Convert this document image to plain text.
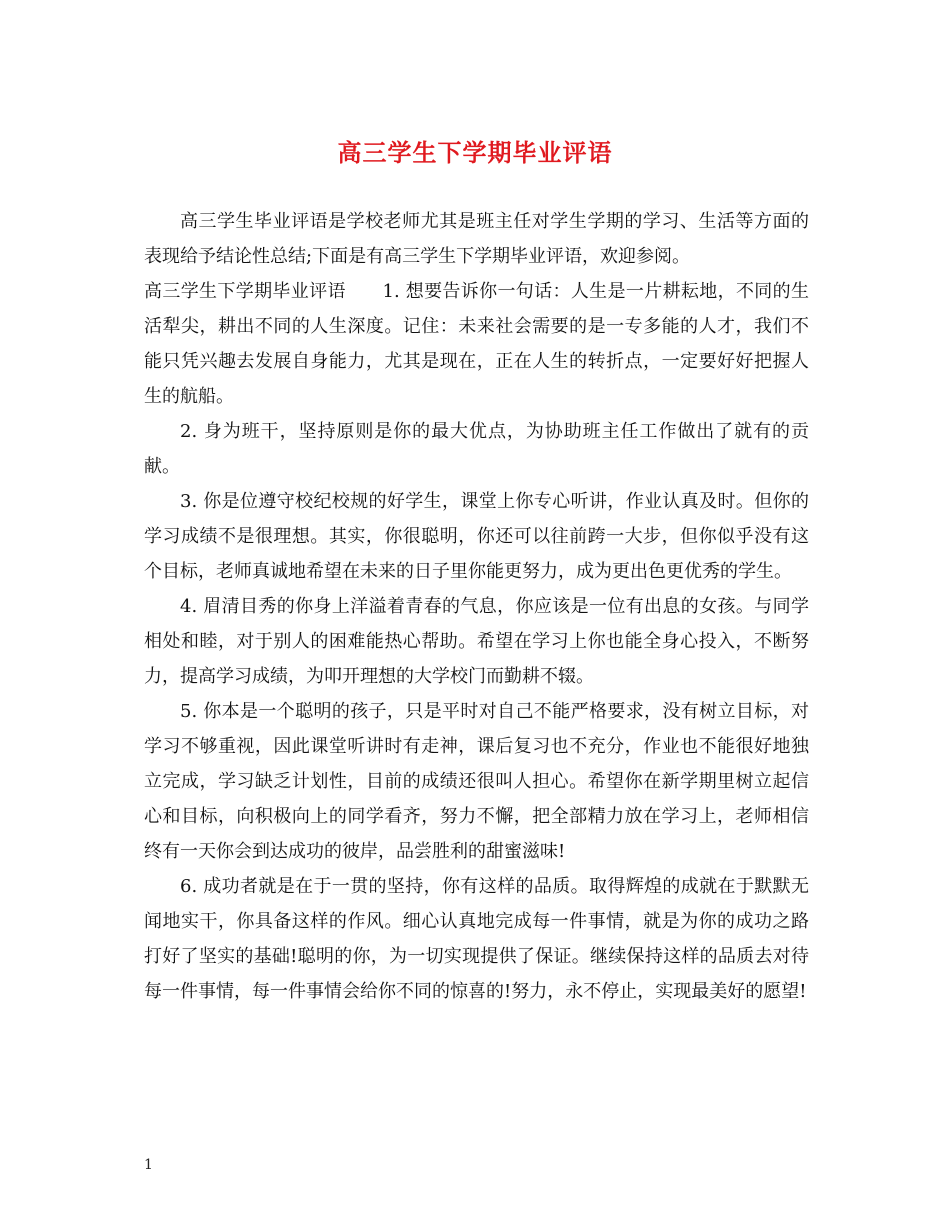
高三学生下学期毕业评语

高三学生毕业评语是学校老师尤其是班主任对学生学期的学习、生活等方面的表现给予结论性总结;下面是有高三学生下学期毕业评语，欢迎参阅。

高三学生下学期毕业评语　　1. 想要告诉你一句话：人生是一片耕耘地，不同的生活犁尖，耕出不同的人生深度。记住：未来社会需要的是一专多能的人才，我们不能只凭兴趣去发展自身能力，尤其是现在，正在人生的转折点，一定要好好把握人生的航船。

2. 身为班干，坚持原则是你的最大优点，为协助班主任工作做出了就有的贡献。

3. 你是位遵守校纪校规的好学生，课堂上你专心听讲，作业认真及时。但你的学习成绩不是很理想。其实，你很聪明，你还可以往前跨一大步，但你似乎没有这个目标，老师真诚地希望在未来的日子里你能更努力，成为更出色更优秀的学生。

4. 眉清目秀的你身上洋溢着青春的气息，你应该是一位有出息的女孩。与同学相处和睦，对于别人的困难能热心帮助。希望在学习上你也能全身心投入，不断努力，提高学习成绩，为叩开理想的大学校门而勤耕不辍。

5. 你本是一个聪明的孩子，只是平时对自己不能严格要求，没有树立目标，对学习不够重视，因此课堂听讲时有走神，课后复习也不充分，作业也不能很好地独立完成，学习缺乏计划性，目前的成绩还很叫人担心。希望你在新学期里树立起信心和目标，向积极向上的同学看齐，努力不懈，把全部精力放在学习上，老师相信终有一天你会到达成功的彼岸，品尝胜利的甜蜜滋味!

6. 成功者就是在于一贯的坚持，你有这样的品质。取得辉煌的成就在于默默无闻地实干，你具备这样的作风。细心认真地完成每一件事情，就是为你的成功之路打好了坚实的基础!聪明的你，为一切实现提供了保证。继续保持这样的品质去对待每一件事情，每一件事情会给你不同的惊喜的!努力，永不停止，实现最美好的愿望!

1
